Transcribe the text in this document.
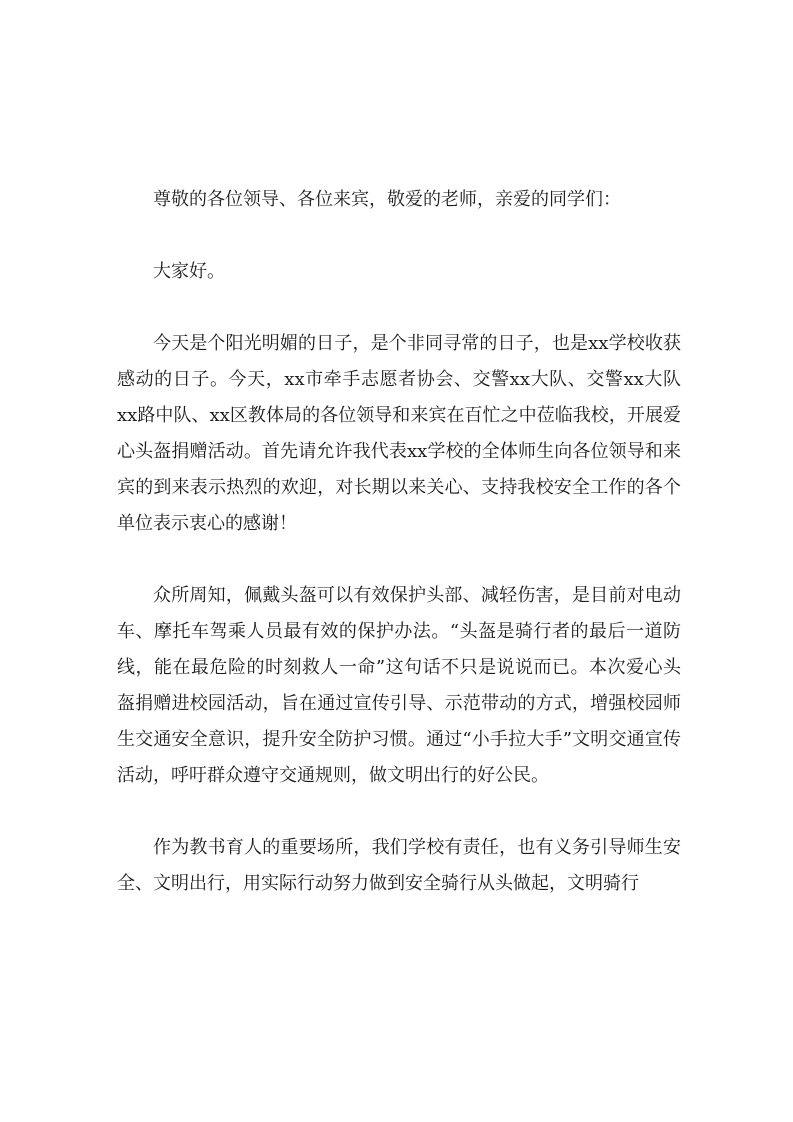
尊敬的各位领导、各位来宾，敬爱的老师，亲爱的同学们：

大家好。

今天是个阳光明媚的日子，是个非同寻常的日子，也是xx学校收获感动的日子。今天，xx市牵手志愿者协会、交警xx大队、交警xx大队xx路中队、xx区教体局的各位领导和来宾在百忙之中莅临我校，开展爱心头盔捐赠活动。首先请允许我代表xx学校的全体师生向各位领导和来宾的到来表示热烈的欢迎，对长期以来关心、支持我校安全工作的各个单位表示衷心的感谢！

众所周知，佩戴头盔可以有效保护头部、减轻伤害，是目前对电动车、摩托车驾乘人员最有效的保护办法。“头盔是骑行者的最后一道防线，能在最危险的时刻救人一命”这句话不只是说说而已。本次爱心头盔捐赠进校园活动，旨在通过宣传引导、示范带动的方式，增强校园师生交通安全意识，提升安全防护习惯。通过“小手拉大手”文明交通宣传活动，呼吁群众遵守交通规则，做文明出行的好公民。

作为教书育人的重要场所，我们学校有责任，也有义务引导师生安全、文明出行，用实际行动努力做到安全骑行从头做起，文明骑行
